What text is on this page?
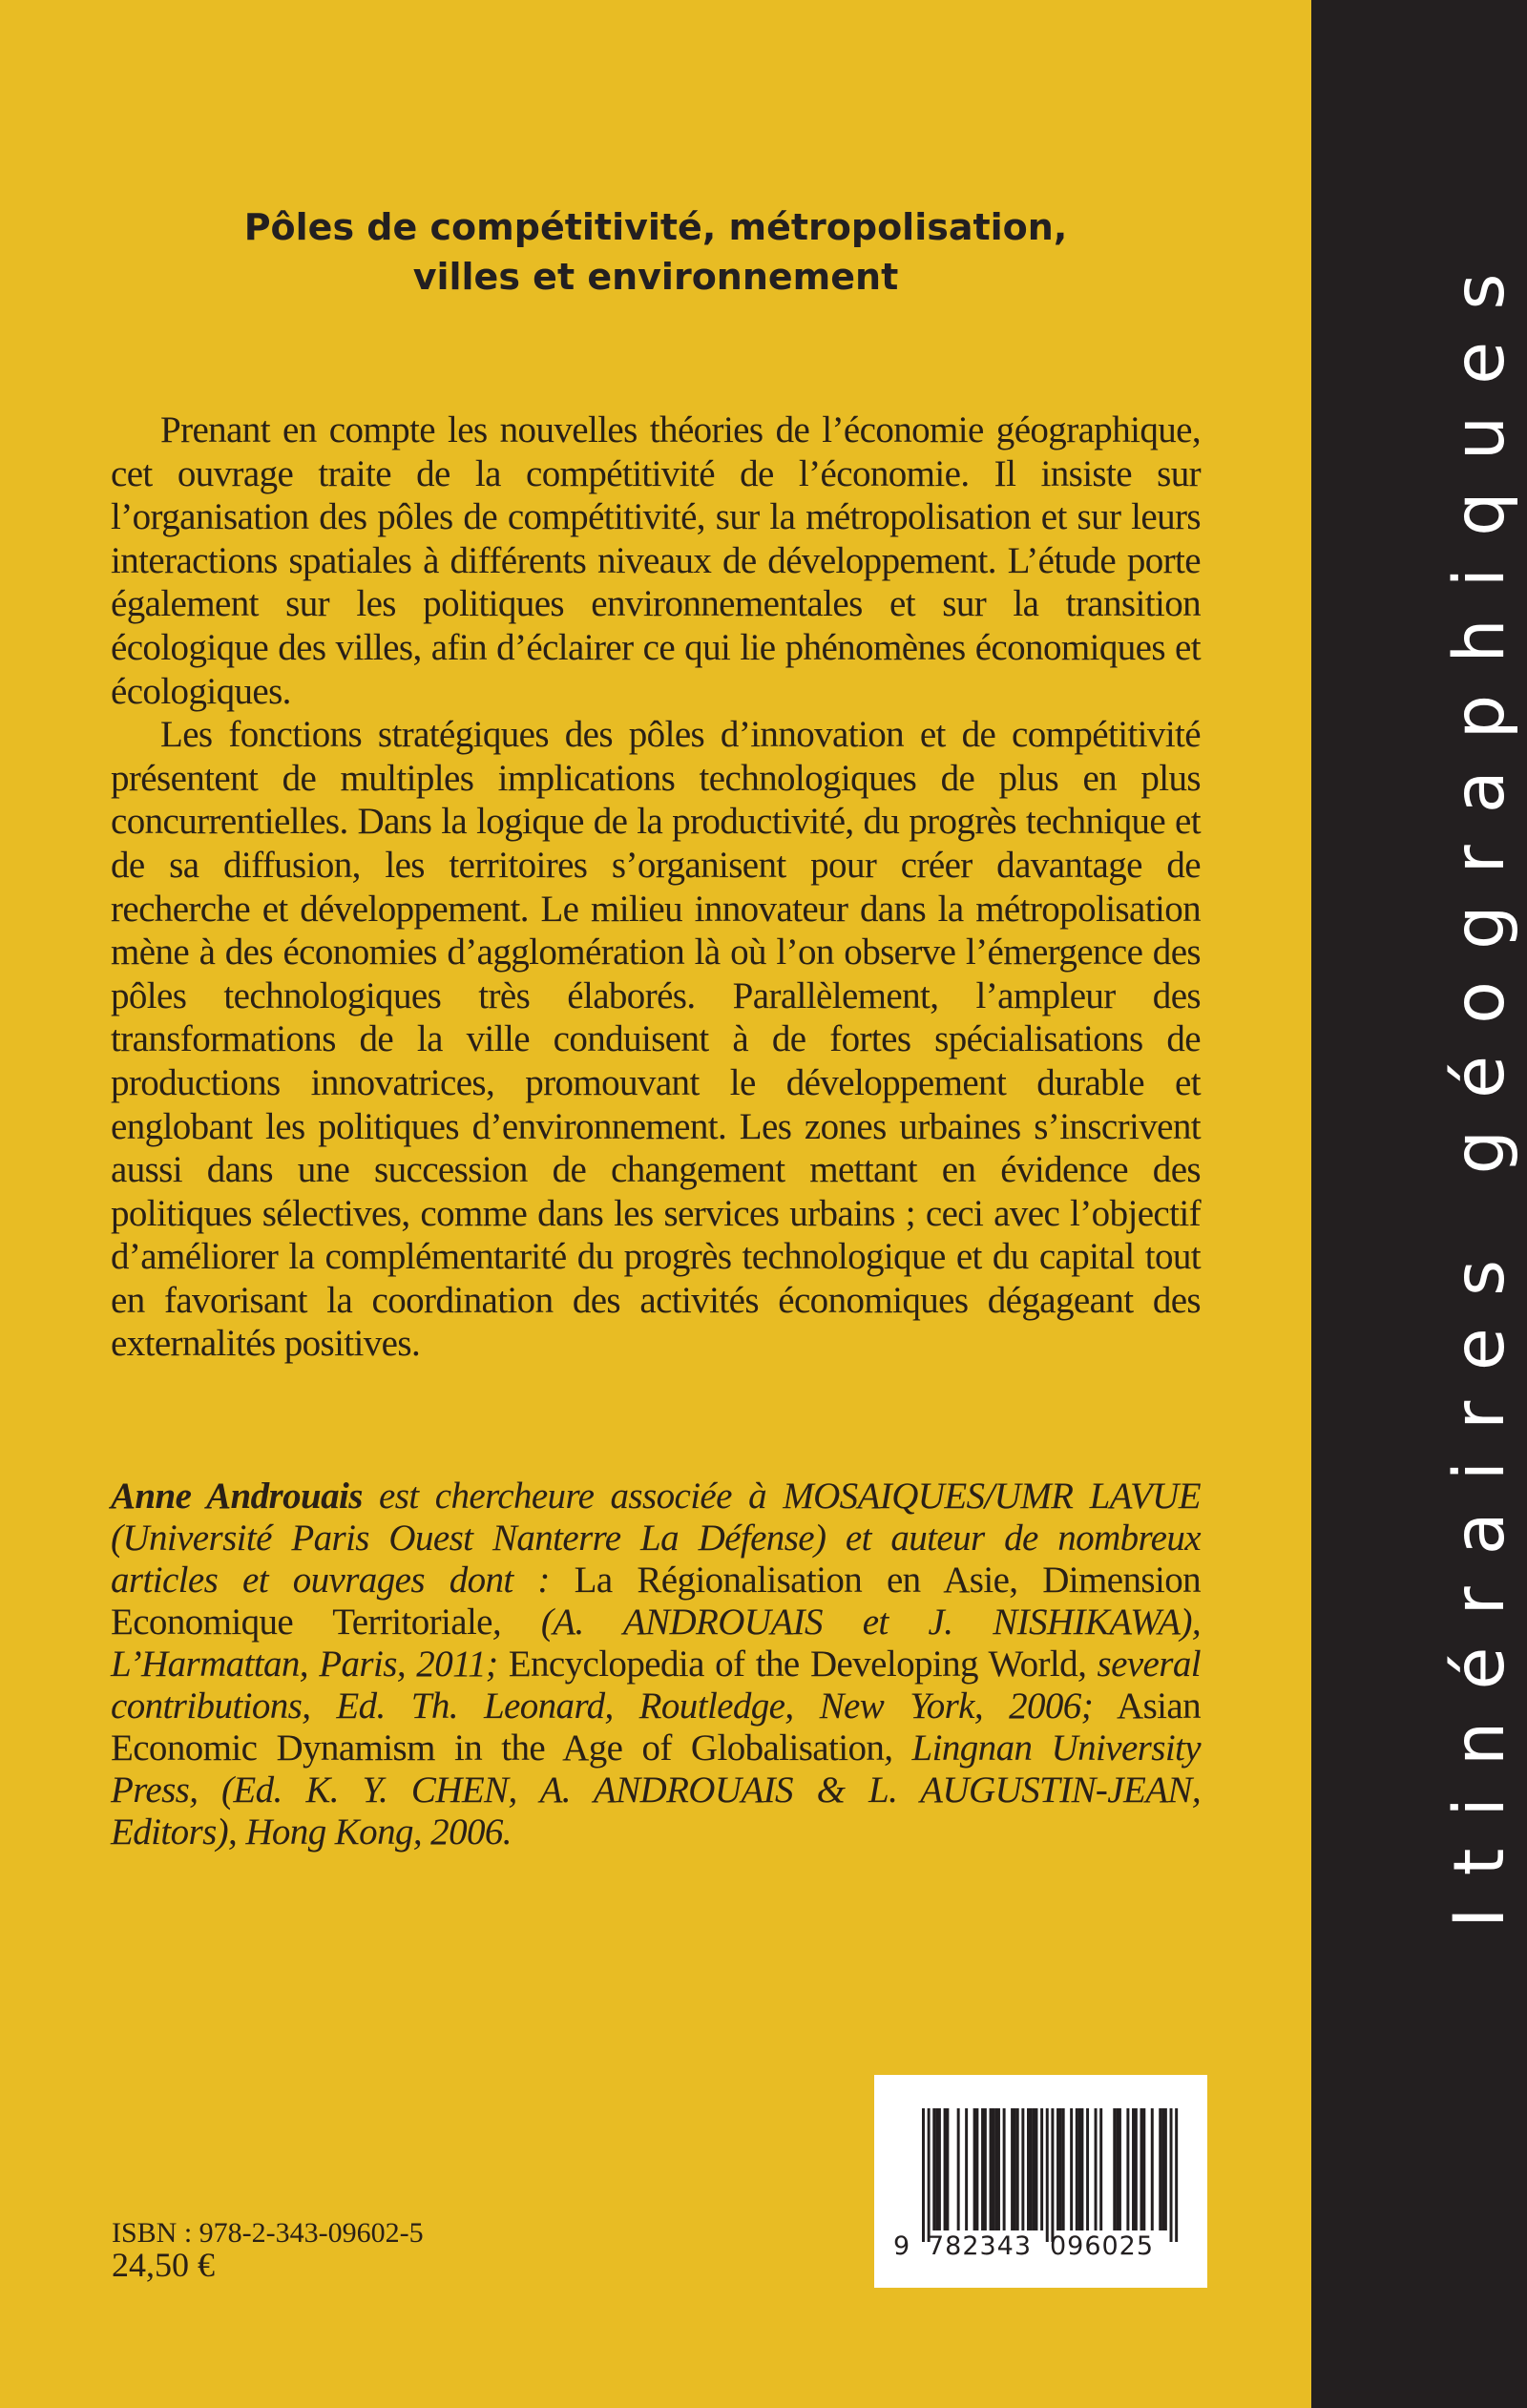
Pôles de compétitivité, métropolisation,
villes et environnement

Prenant en compte les nouvelles théories de l’économie géographique, cet ouvrage traite de la compétitivité de l’économie. Il insiste sur l’organisation des pôles de compétitivité, sur la métropolisation et sur leurs interactions spatiales à différents niveaux de développement. L’étude porte également sur les politiques environnementales et sur la transition écologique des villes, afin d’éclairer ce qui lie phénomènes économiques et écologiques.

Les fonctions stratégiques des pôles d’innovation et de compétitivité présentent de multiples implications technologiques de plus en plus concurrentielles. Dans la logique de la productivité, du progrès technique et de sa diffusion, les territoires s’organisent pour créer davantage de recherche et développement. Le milieu innovateur dans la métropolisation mène à des économies d’agglomération là où l’on observe l’émergence des pôles technologiques très élaborés. Parallèlement, l’ampleur des transformations de la ville conduisent à de fortes spécialisations de productions innovatrices, promouvant le développement durable et englobant les politiques d’environnement. Les zones urbaines s’inscrivent aussi dans une succession de changement mettant en évidence des politiques sélectives, comme dans les services urbains ; ceci avec l’objectif d’améliorer la complémentarité du progrès technologique et du capital tout en favorisant la coordination des activités économiques dégageant des externalités positives.

Anne Androuais est chercheure associée à MOSAIQUES/UMR LAVUE (Université Paris Ouest Nanterre La Défense) et auteur de nombreux articles et ouvrages dont : La Régionalisation en Asie, Dimension Economique Territoriale, (A. ANDROUAIS et J. NISHIKAWA), L’Harmattan, Paris, 2011; Encyclopedia of the Developing World, several contributions, Ed. Th. Leonard, Routledge, New York, 2006; Asian Economic Dynamism in the Age of Globalisation, Lingnan University Press, (Ed. K. Y. CHEN, A. ANDROUAIS & L. AUGUSTIN-JEAN, Editors), Hong Kong, 2006.

ISBN : 978-2-343-09602-5
24,50 €	9 782343 096025
Itinéraires géographiques
